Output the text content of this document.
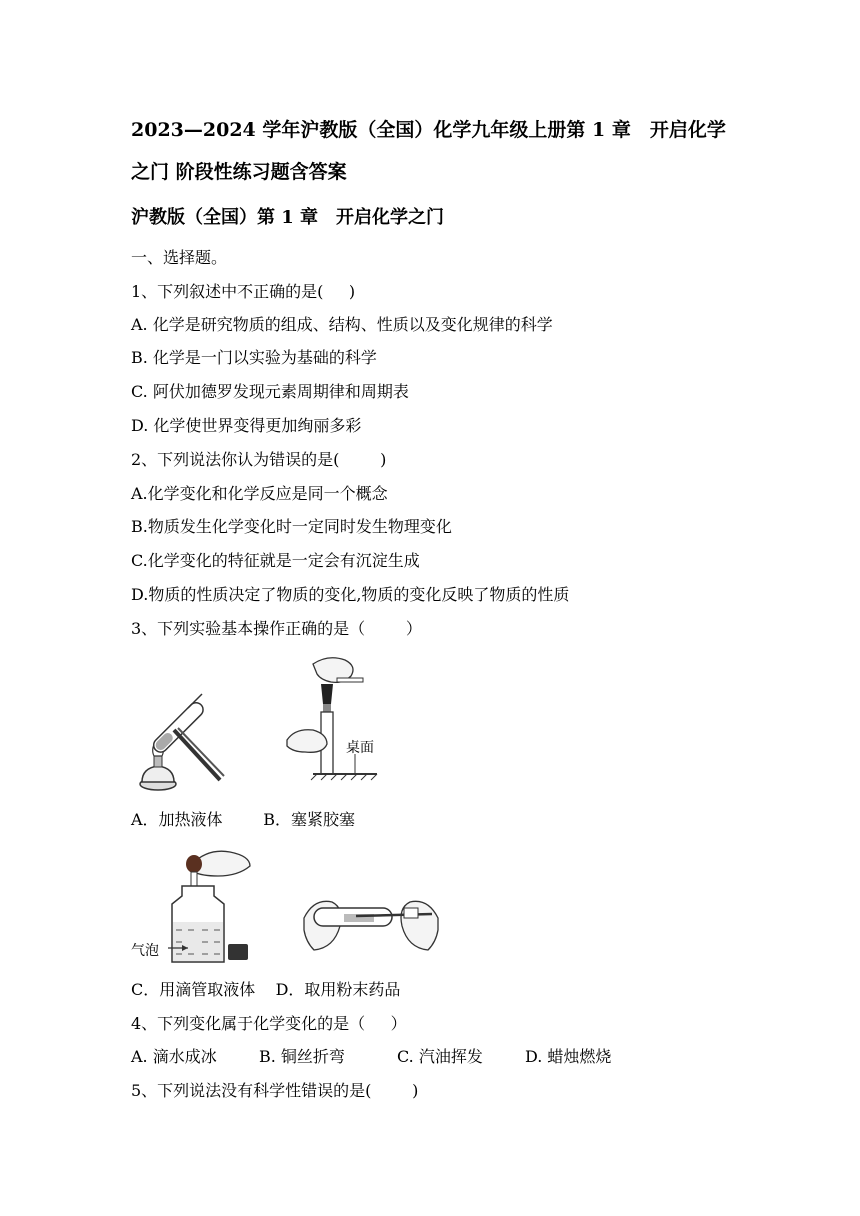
2023—2024 学年沪教版（全国）化学九年级上册第 1 章　开启化学
之门 阶段性练习题含答案
沪教版（全国）第 1 章　开启化学之门
一、选择题。
1、下列叙述中不正确的是(     )
A. 化学是研究物质的组成、结构、性质以及变化规律的科学
B. 化学是一门以实验为基础的科学
C. 阿伏加德罗发现元素周期律和周期表
D. 化学使世界变得更加绚丽多彩
2、下列说法你认为错误的是(        )
A.化学变化和化学反应是同一个概念
B.物质发生化学变化时一定同时发生物理变化
C.化学变化的特征就是一定会有沉淀生成
D.物质的性质决定了物质的变化,物质的变化反映了物质的性质
3、下列实验基本操作正确的是（        ）
桌面
A．加热液体        B．塞紧胶塞
气泡
C．用滴管取液体    D．取用粉末药品
4、下列变化属于化学变化的是（     ）
A. 滴水成冰	B. 铜丝折弯	C. 汽油挥发	D. 蜡烛燃烧
5、下列说法没有科学性错误的是(        )
